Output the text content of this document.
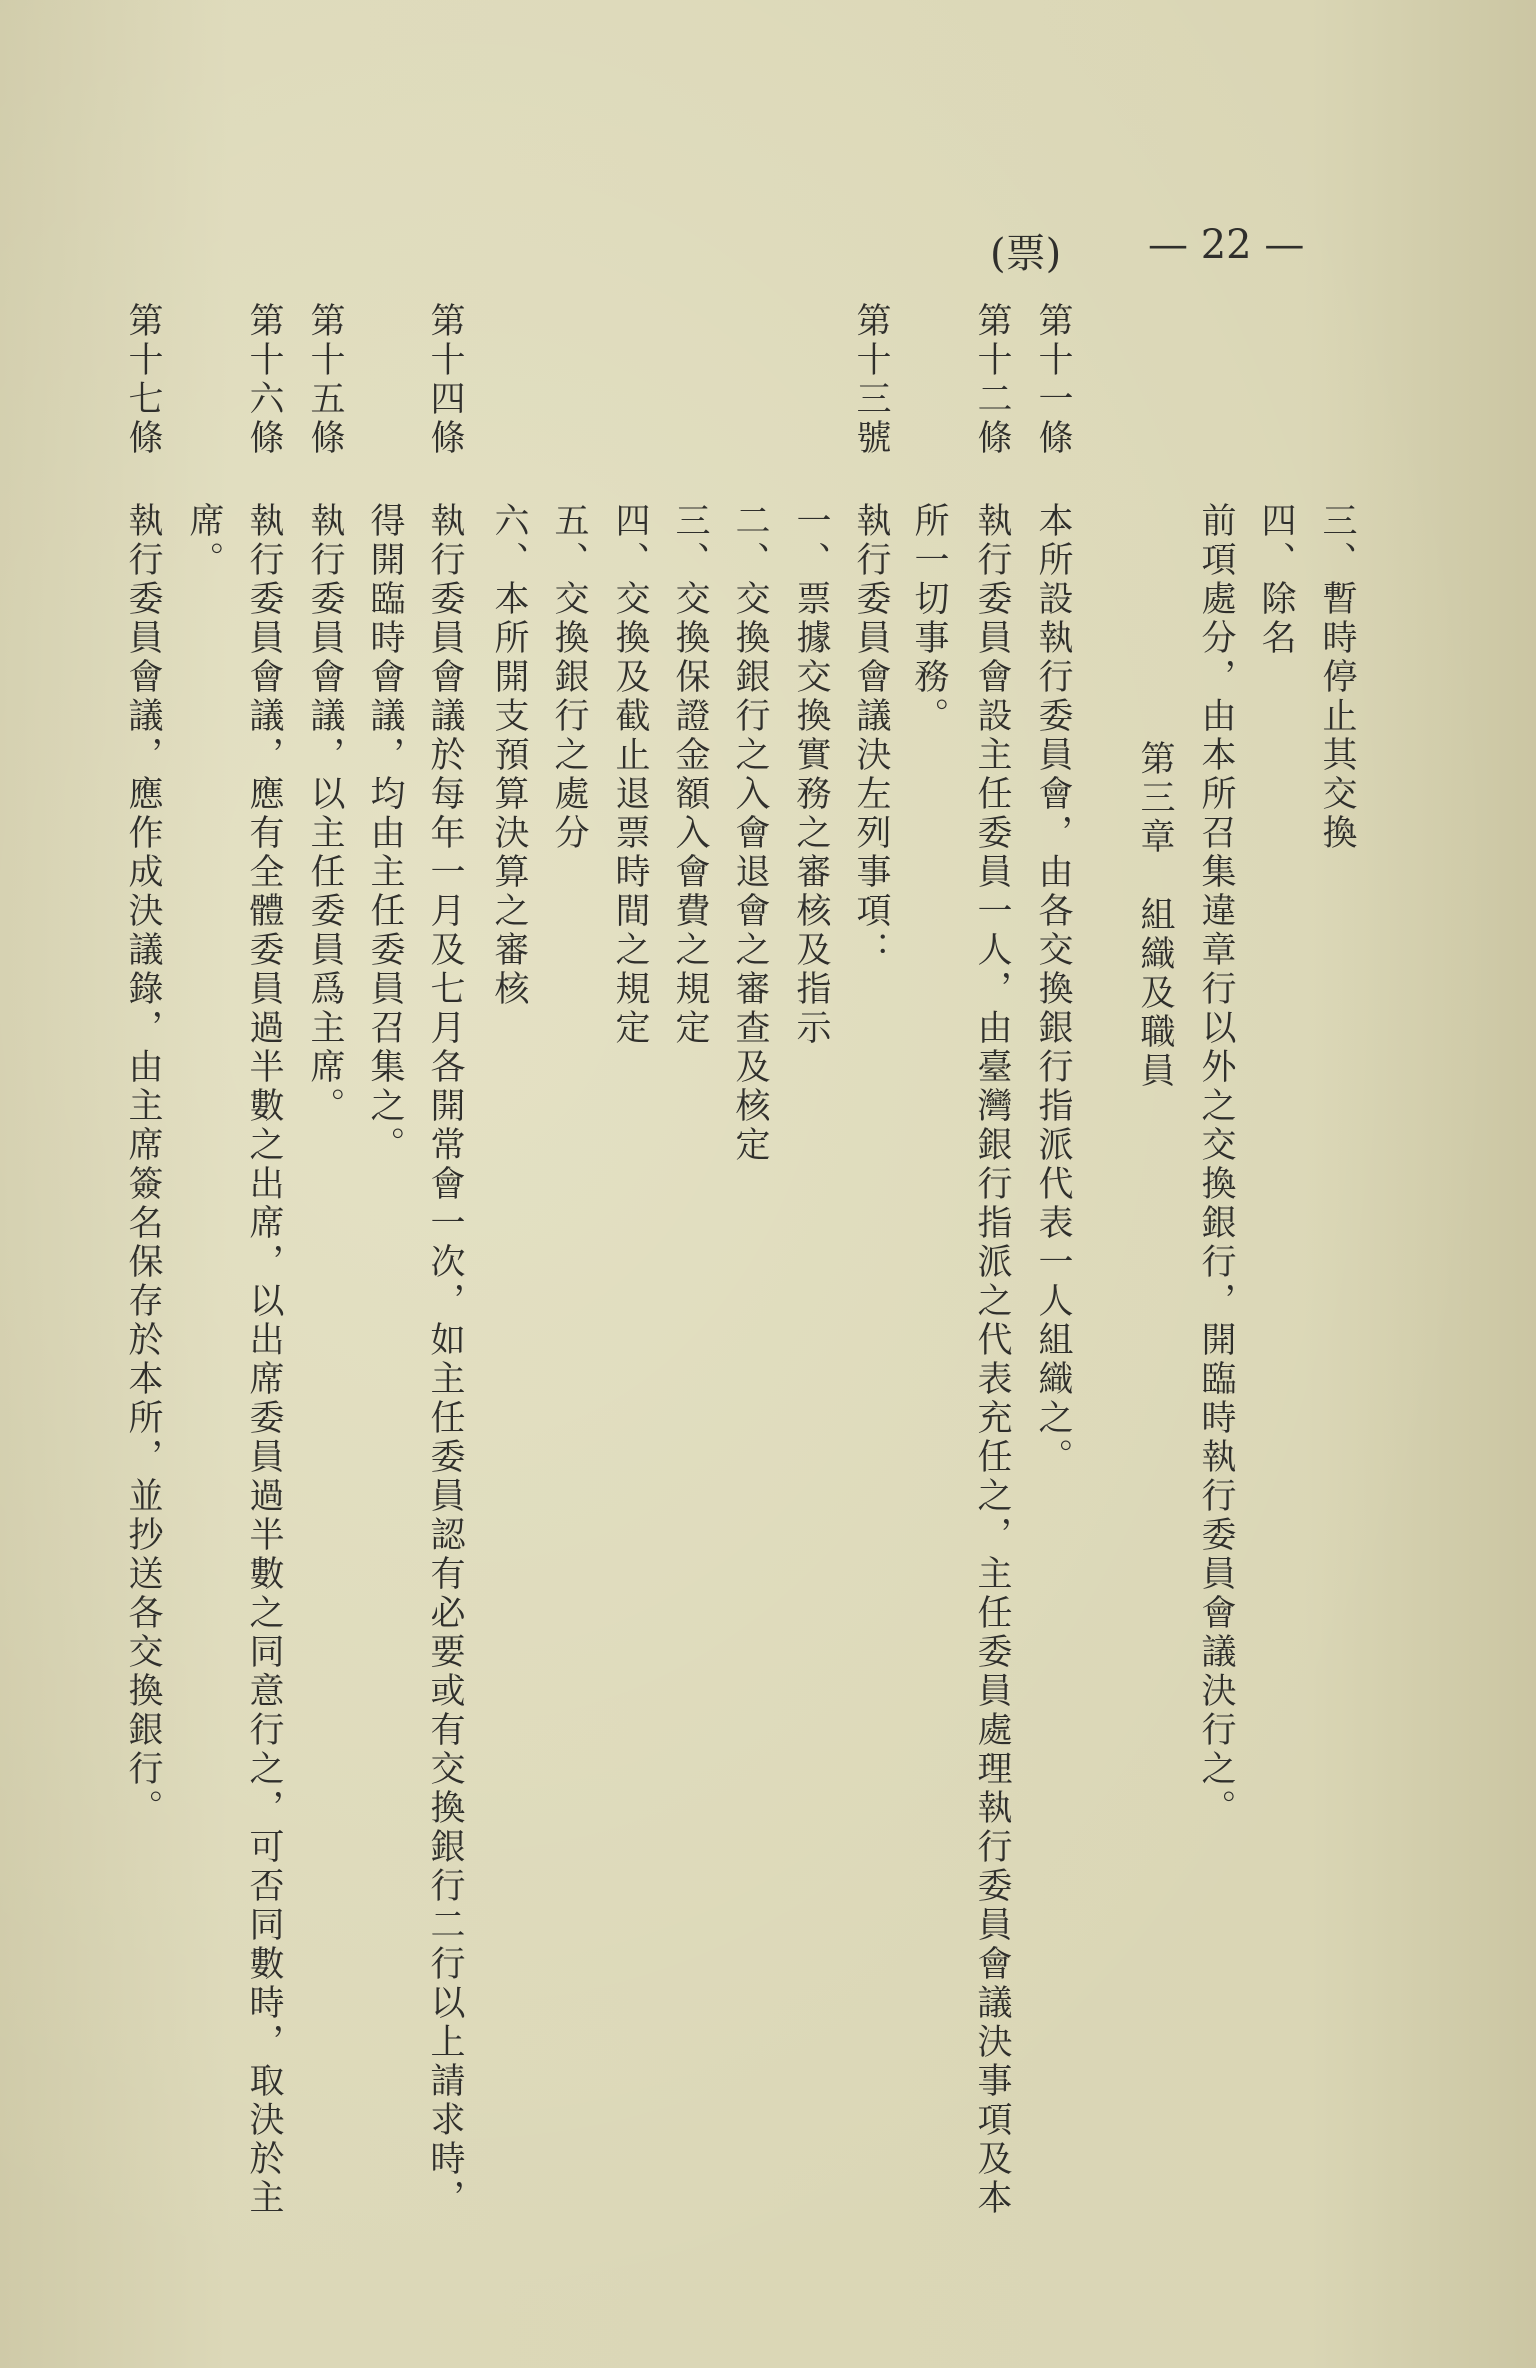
(票) — 22 —
三、暫時停止其交換
四、除名
前項處分，由本所召集違章行以外之交換銀行，開臨時執行委員會議決行之。
第三章　組織及職員
第十一條
本所設執行委員會，由各交換銀行指派代表一人組織之。
第十二條
執行委員會設主任委員一人，由臺灣銀行指派之代表充任之，主任委員處理執行委員會議決事項及本
所一切事務。
第十三號
執行委員會議決左列事項：
一、票據交換實務之審核及指示
二、交換銀行之入會退會之審查及核定
三、交換保證金額入會費之規定
四、交換及截止退票時間之規定
五、交換銀行之處分
六、本所開支預算決算之審核
第十四條
執行委員會議於每年一月及七月各開常會一次，如主任委員認有必要或有交換銀行二行以上請求時，
得開臨時會議，均由主任委員召集之。
第十五條
執行委員會議，以主任委員爲主席。
第十六條
執行委員會議，應有全體委員過半數之出席，以出席委員過半數之同意行之，可否同數時，取決於主
席。
第十七條
執行委員會議，應作成決議錄，由主席簽名保存於本所，並抄送各交換銀行。
